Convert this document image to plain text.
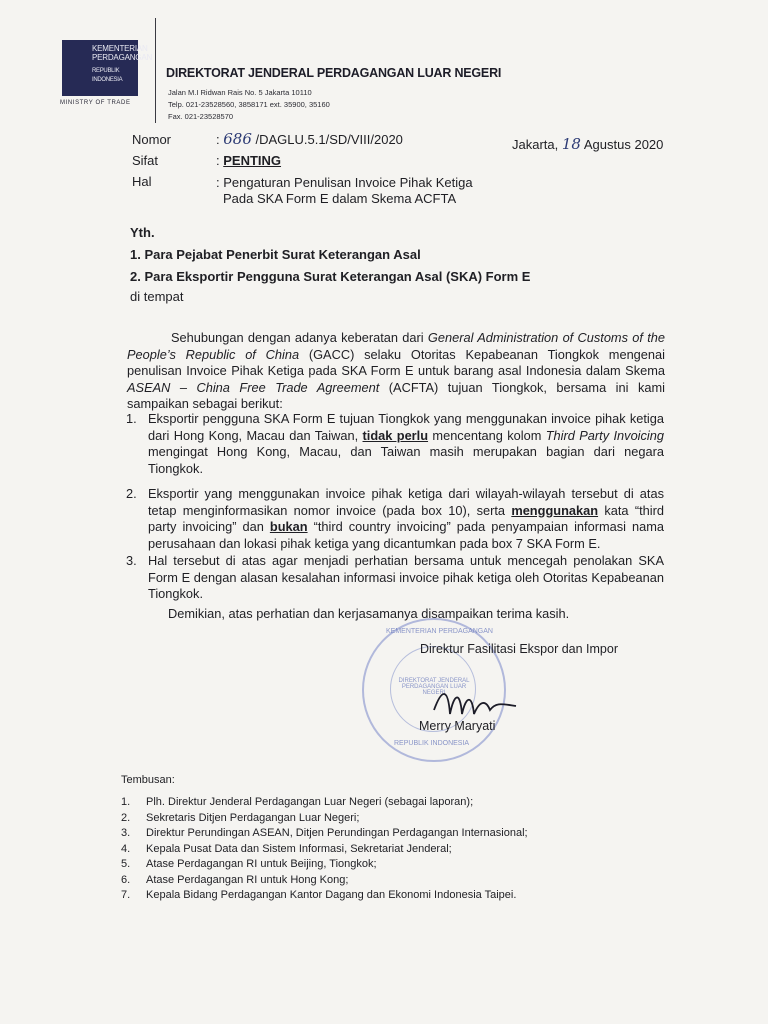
KEMENTERIAN
PERDAGANGAN
REPUBLIK INDONESIA
MINISTRY OF TRADE
DIREKTORAT JENDERAL PERDAGANGAN LUAR NEGERI
Jalan M.I Ridwan Rais No. 5 Jakarta 10110
Telp. 021-23528560, 3858171 ext. 35900, 35160
Fax. 021-23528570
Nomor	: 686 /DAGLU.5.1/SD/VIII/2020	Jakarta, 18 Agustus 2020
Sifat	: PENTING
Hal	: Pengaturan Penulisan Invoice Pihak Ketiga
Pada SKA Form E dalam Skema ACFTA
Yth.
1. Para Pejabat Penerbit Surat Keterangan Asal
2. Para Eksportir Pengguna Surat Keterangan Asal (SKA) Form E
di tempat
Sehubungan dengan adanya keberatan dari General Administration of Customs of the People’s Republic of China (GACC) selaku Otoritas Kepabeanan Tiongkok mengenai penulisan Invoice Pihak Ketiga pada SKA Form E untuk barang asal Indonesia dalam Skema ASEAN – China Free Trade Agreement (ACFTA) tujuan Tiongkok, bersama ini kami sampaikan sebagai berikut:
1. Eksportir pengguna SKA Form E tujuan Tiongkok yang menggunakan invoice pihak ketiga dari Hong Kong, Macau dan Taiwan, tidak perlu mencentang kolom Third Party Invoicing mengingat Hong Kong, Macau, dan Taiwan masih merupakan bagian dari negara Tiongkok.
2. Eksportir yang menggunakan invoice pihak ketiga dari wilayah-wilayah tersebut di atas tetap menginformasikan nomor invoice (pada box 10), serta menggunakan kata “third party invoicing” dan bukan “third country invoicing” pada penyampaian informasi nama perusahaan dan lokasi pihak ketiga yang dicantumkan pada box 7 SKA Form E.
3. Hal tersebut di atas agar menjadi perhatian bersama untuk mencegah penolakan SKA Form E dengan alasan kesalahan informasi invoice pihak ketiga oleh Otoritas Kepabeanan Tiongkok.
Demikian, atas perhatian dan kerjasamanya disampaikan terima kasih.
DIREKTORAT JENDERAL PERDAGANGAN LUAR NEGERI
KEMENTERIAN PERDAGANGAN
REPUBLIK INDONESIA
Direktur Fasilitasi Ekspor dan Impor
Merry Maryati
Tembusan:
1. Plh. Direktur Jenderal Perdagangan Luar Negeri (sebagai laporan);
2. Sekretaris Ditjen Perdagangan Luar Negeri;
3. Direktur Perundingan ASEAN, Ditjen Perundingan Perdagangan Internasional;
4. Kepala Pusat Data dan Sistem Informasi, Sekretariat Jenderal;
5. Atase Perdagangan RI untuk Beijing, Tiongkok;
6. Atase Perdagangan RI untuk Hong Kong;
7. Kepala Bidang Perdagangan Kantor Dagang dan Ekonomi Indonesia Taipei.
